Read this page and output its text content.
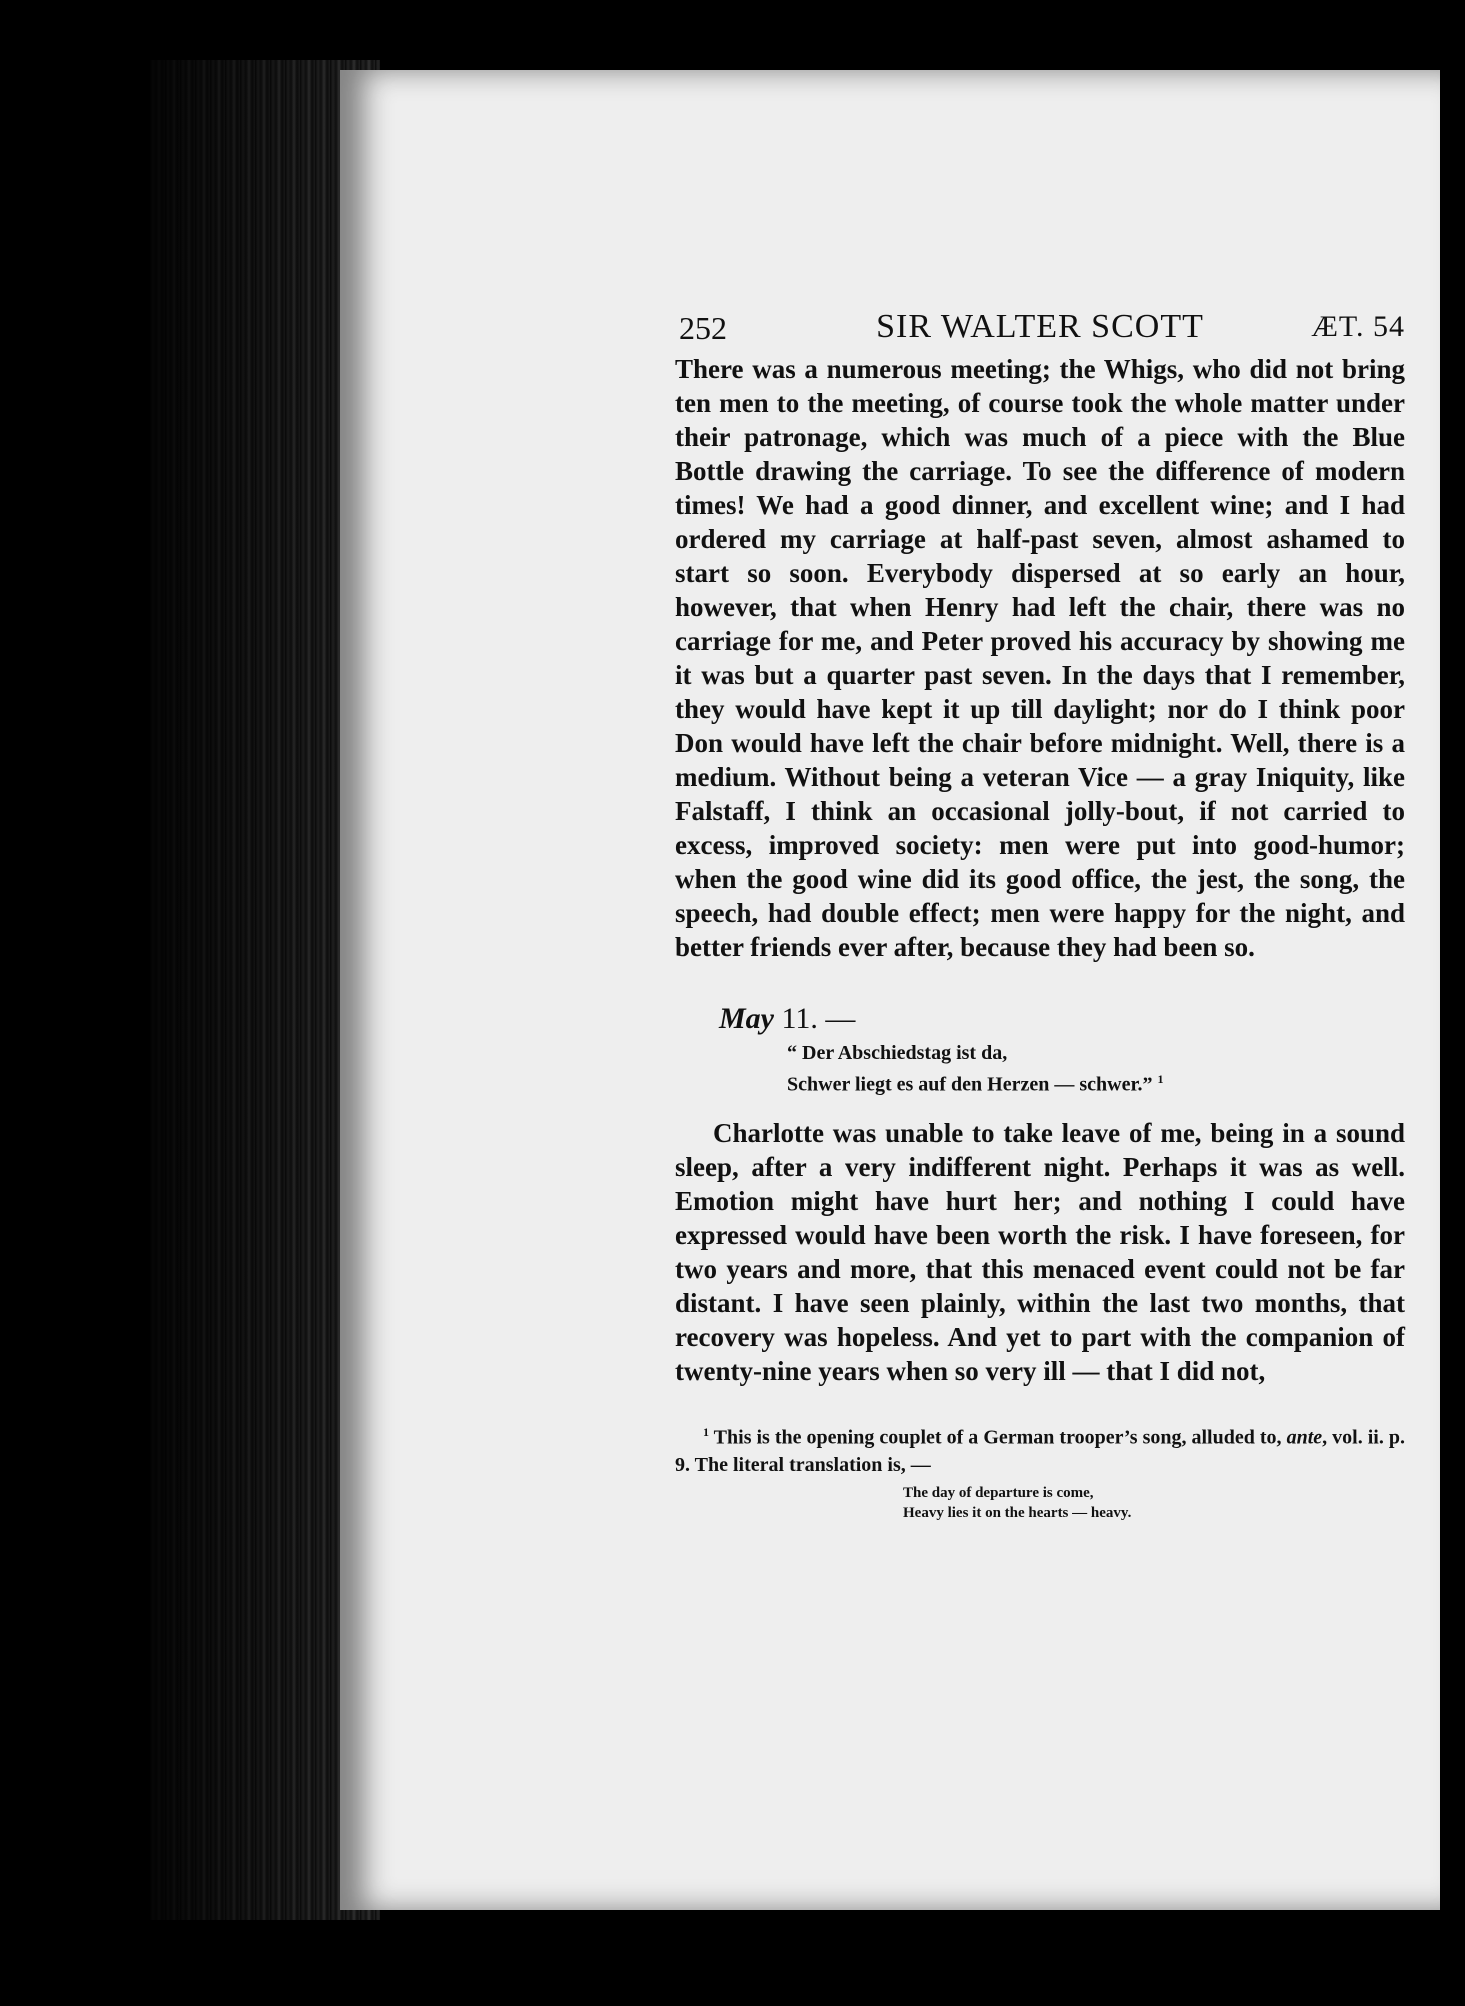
252	SIR WALTER SCOTT	ÆT. 54

There was a numerous meeting; the Whigs, who did not bring ten men to the meeting, of course took the whole matter under their patronage, which was much of a piece with the Blue Bottle drawing the carriage. To see the difference of modern times! We had a good dinner, and excellent wine; and I had ordered my carriage at half-past seven, almost ashamed to start so soon. Everybody dispersed at so early an hour, however, that when Henry had left the chair, there was no carriage for me, and Peter proved his accuracy by showing me it was but a quarter past seven. In the days that I remember, they would have kept it up till daylight; nor do I think poor Don would have left the chair before midnight. Well, there is a medium. Without being a veteran Vice — a gray Iniquity, like Falstaff, I think an occasional jolly-bout, if not carried to excess, improved society: men were put into good-humor; when the good wine did its good office, the jest, the song, the speech, had double effect; men were happy for the night, and better friends ever after, because they had been so.

May 11. —
“ Der Abschiedstag ist da,
Schwer liegt es auf den Herzen — schwer.” $^1$

Charlotte was unable to take leave of me, being in a sound sleep, after a very indifferent night. Perhaps it was as well. Emotion might have hurt her; and nothing I could have expressed would have been worth the risk. I have foreseen, for two years and more, that this menaced event could not be far distant. I have seen plainly, within the last two months, that recovery was hopeless. And yet to part with the companion of twenty-nine years when so very ill — that I did not,

$^1$ This is the opening couplet of a German trooper’s song, alluded to, ante, vol. ii. p. 9. The literal translation is, —
The day of departure is come,
Heavy lies it on the hearts — heavy.
